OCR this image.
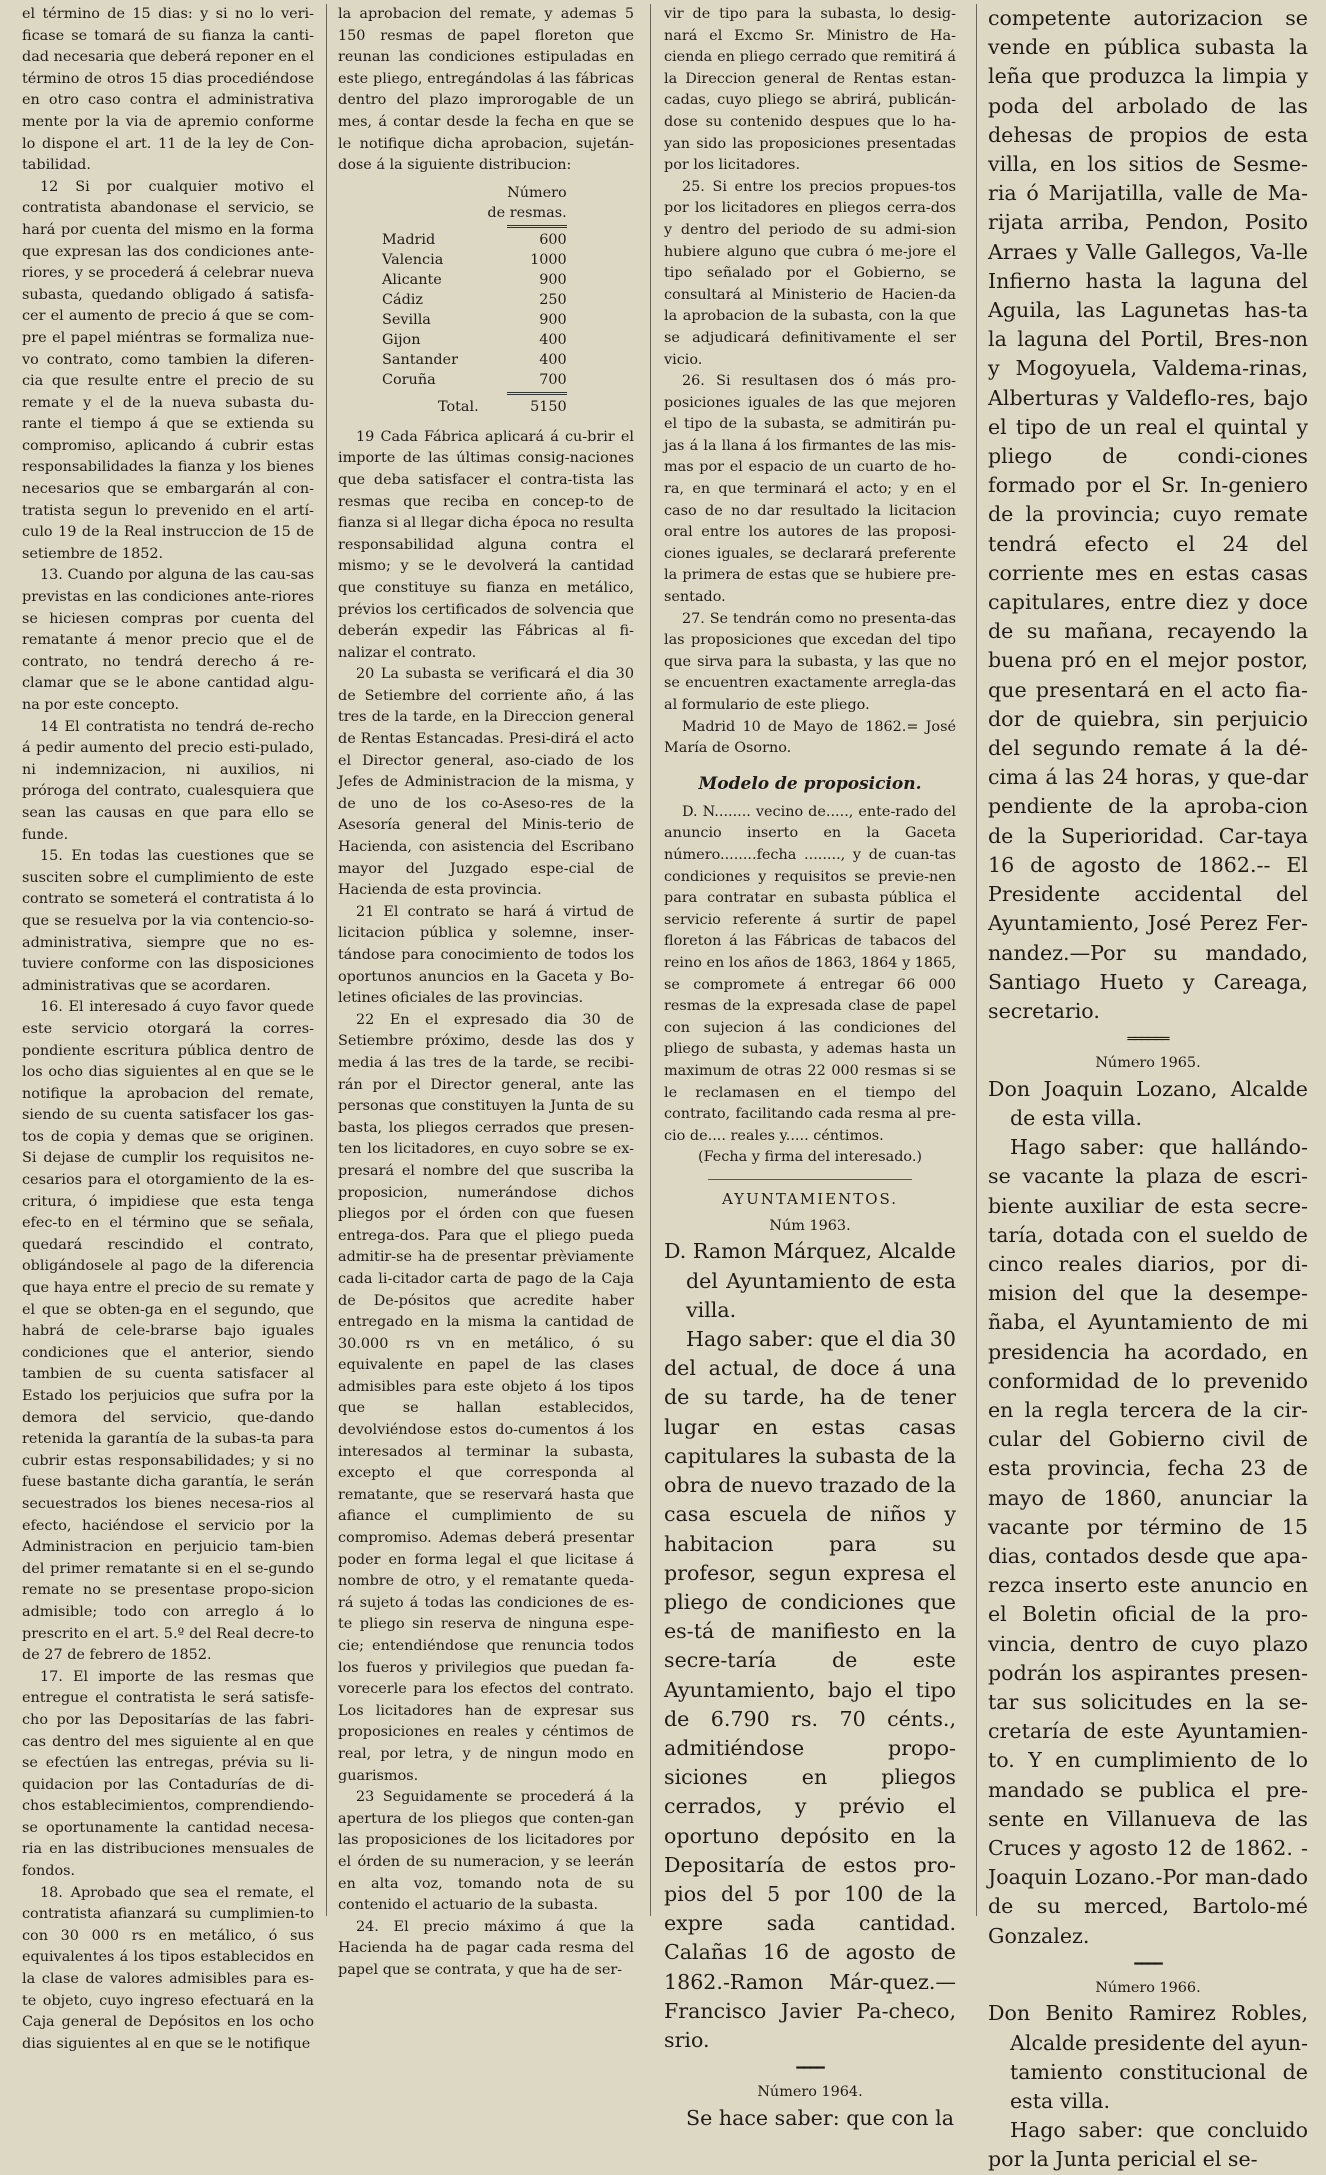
el término de 15 dias: y si no lo veri-ficase se tomará de su fianza la canti-dad necesaria que deberá reponer en el término de otros 15 dias procediéndose en otro caso contra el administrativa mente por la via de apremio conforme lo dispone el art. 11 de la ley de Con-tabilidad.

12 Si por cualquier motivo el contratista abandonase el servicio, se hará por cuenta del mismo en la forma que expresan las dos condiciones ante-riores, y se procederá á celebrar nueva subasta, quedando obligado á satisfa-cer el aumento de precio á que se com-pre el papel miéntras se formaliza nue-vo contrato, como tambien la diferen-cia que resulte entre el precio de su remate y el de la nueva subasta du-rante el tiempo á que se extienda su compromiso, aplicando á cubrir estas responsabilidades la fianza y los bienes necesarios que se embargarán al con-tratista segun lo prevenido en el artí-culo 19 de la Real instruccion de 15 de setiembre de 1852.

13. Cuando por alguna de las cau-sas previstas en las condiciones ante-riores se hiciesen compras por cuenta del rematante á menor precio que el de contrato, no tendrá derecho á re-clamar que se le abone cantidad algu-na por este concepto.

14 El contratista no tendrá de-recho á pedir aumento del precio esti-pulado, ni indemnizacion, ni auxilios, ni próroga del contrato, cualesquiera que sean las causas en que para ello se funde.

15. En todas las cuestiones que se susciten sobre el cumplimiento de este contrato se someterá el contratista á lo que se resuelva por la via contencio-so-administrativa, siempre que no es-tuviere conforme con las disposiciones administrativas que se acordaren.

16. El interesado á cuyo favor quede este servicio otorgará la corres-pondiente escritura pública dentro de los ocho dias siguientes al en que se le notifique la aprobacion del remate, siendo de su cuenta satisfacer los gas-tos de copia y demas que se originen. Si dejase de cumplir los requisitos ne-cesarios para el otorgamiento de la es-critura, ó impidiese que esta tenga efec-to en el término que se señala, quedará rescindido el contrato, obligándosele al pago de la diferencia que haya entre el precio de su remate y el que se obten-ga en el segundo, que habrá de cele-brarse bajo iguales condiciones que el anterior, siendo tambien de su cuenta satisfacer al Estado los perjuicios que sufra por la demora del servicio, que-dando retenida la garantía de la subas-ta para cubrir estas responsabilidades; y si no fuese bastante dicha garantía, le serán secuestrados los bienes necesa-rios al efecto, haciéndose el servicio por la Administracion en perjuicio tam-bien del primer rematante si en el se-gundo remate no se presentase propo-sicion admisible; todo con arreglo á lo prescrito en el art. 5.º del Real decre-to de 27 de febrero de 1852.

17. El importe de las resmas que entregue el contratista le será satisfe-cho por las Depositarías de las fabri-cas dentro del mes siguiente al en que se efectúen las entregas, prévia su li-quidacion por las Contadurías de di-chos establecimientos, comprendiendo-se oportunamente la cantidad necesa-ria en las distribuciones mensuales de fondos.

18. Aprobado que sea el remate, el contratista afianzará su cumplimien-to con 30 000 rs en metálico, ó sus equivalentes á los tipos establecidos en la clase de valores admisibles para es-te objeto, cuyo ingreso efectuará en la Caja general de Depósitos en los ocho dias siguientes al en que se le notifique

la aprobacion del remate, y ademas 5 150 resmas de papel floreton que reunan las condiciones estipuladas en este pliego, entregándolas á las fábricas dentro del plazo improrogable de un mes, á contar desde la fecha en que se le notifique dicha aprobacion, sujetán-dose á la siguiente distribucion:

Número	
de resmas.	

Madrid	600
Valencia	1000
Alicante	900
Cádiz	250
Sevilla	900
Gijon	400
Santander	400
Coruña	700

Total.	5150

19 Cada Fábrica aplicará á cu-brir el importe de las últimas consig-naciones que deba satisfacer el contra-tista las resmas que reciba en concep-to de fianza si al llegar dicha época no resulta responsabilidad alguna contra el mismo; y se le devolverá la cantidad que constituye su fianza en metálico, prévios los certificados de solvencia que deberán expedir las Fábricas al fi-nalizar el contrato.

20 La subasta se verificará el dia 30 de Setiembre del corriente año, á las tres de la tarde, en la Direccion general de Rentas Estancadas. Presi-dirá el acto el Director general, aso-ciado de los Jefes de Administracion de la misma, y de uno de los co-Aseso-res de la Asesoría general del Minis-terio de Hacienda, con asistencia del Escribano mayor del Juzgado espe-cial de Hacienda de esta provincia.

21 El contrato se hará á virtud de licitacion pública y solemne, inser-tándose para conocimiento de todos los oportunos anuncios en la Gaceta y Bo-letines oficiales de las provincias.

22 En el expresado dia 30 de Setiembre próximo, desde las dos y media á las tres de la tarde, se recibi-rán por el Director general, ante las personas que constituyen la Junta de su basta, los pliegos cerrados que presen-ten los licitadores, en cuyo sobre se ex-presará el nombre del que suscriba la proposicion, numerándose dichos pliegos por el órden con que fuesen entrega-dos. Para que el pliego pueda admitir-se ha de presentar prèviamente cada li-citador carta de pago de la Caja de De-pósitos que acredite haber entregado en la misma la cantidad de 30.000 rs vn en metálico, ó su equivalente en papel de las clases admisibles para este objeto á los tipos que se hallan establecidos, devolviéndose estos do-cumentos á los interesados al terminar la subasta, excepto el que corresponda al rematante, que se reservará hasta que afiance el cumplimiento de su compromiso. Ademas deberá presentar poder en forma legal el que licitase á nombre de otro, y el rematante queda-rá sujeto á todas las condiciones de es-te pliego sin reserva de ninguna espe-cie; entendiéndose que renuncia todos los fueros y privilegios que puedan fa-vorecerle para los efectos del contrato. Los licitadores han de expresar sus proposiciones en reales y céntimos de real, por letra, y de ningun modo en guarismos.

23 Seguidamente se procederá á la apertura de los pliegos que conten-gan las proposiciones de los licitadores por el órden de su numeracion, y se leerán en alta voz, tomando nota de su contenido el actuario de la subasta.

24. El precio máximo á que la Hacienda ha de pagar cada resma del papel que se contrata, y que ha de ser-

vir de tipo para la subasta, lo desig-nará el Excmo Sr. Ministro de Ha-cienda en pliego cerrado que remitirá á la Direccion general de Rentas estan-cadas, cuyo pliego se abrirá, publicán-dose su contenido despues que lo ha-yan sido las proposiciones presentadas por los licitadores.

25. Si entre los precios propues-tos por los licitadores en pliegos cerra-dos y dentro del periodo de su admi-sion hubiere alguno que cubra ó me-jore el tipo señalado por el Gobierno, se consultará al Ministerio de Hacien-da la aprobacion de la subasta, con la que se adjudicará definitivamente el ser vicio.

26. Si resultasen dos ó más pro-posiciones iguales de las que mejoren el tipo de la subasta, se admitirán pu-jas á la llana á los firmantes de las mis-mas por el espacio de un cuarto de ho-ra, en que terminará el acto; y en el caso de no dar resultado la licitacion oral entre los autores de las proposi-ciones iguales, se declarará preferente la primera de estas que se hubiere pre-sentado.

27. Se tendrán como no presenta-das las proposiciones que excedan del tipo que sirva para la subasta, y las que no se encuentren exactamente arregla-das al formulario de este pliego.

Madrid 10 de Mayo de 1862.= José María de Osorno.

Modelo de proposicion.

D. N........ vecino de....., ente-rado del anuncio inserto en la Gaceta número........fecha ........, y de cuan-tas condiciones y requisitos se previe-nen para contratar en subasta pública el servicio referente á surtir de papel floreton á las Fábricas de tabacos del reino en los años de 1863, 1864 y 1865, se compromete á entregar 66 000 resmas de la expresada clase de papel con sujecion á las condiciones del pliego de subasta, y ademas hasta un maximum de otras 22 000 resmas si se le reclamasen en el tiempo del contrato, facilitando cada resma al pre-cio de.... reales y..... céntimos.

(Fecha y firma del interesado.)

AYUNTAMIENTOS.

Núm 1963.

D. Ramon Márquez, Alcalde del Ayuntamiento de esta villa.

Hago saber: que el dia 30 del actual, de doce á una de su tarde, ha de tener lugar en estas casas capitulares la subasta de la obra de nuevo trazado de la casa escuela de niños y habitacion para su profesor, segun expresa el pliego de condiciones que es-tá de manifiesto en la secre-taría de este Ayuntamiento, bajo el tipo de 6.790 rs. 70 cénts., admitiéndose propo-siciones en pliegos cerrados, y prévio el oportuno depósito en la Depositaría de estos pro-pios del 5 por 100 de la expre sada cantidad. Calañas 16 de agosto de 1862.-Ramon Már-quez.—Francisco Javier Pa-checo, srio.

━━━━

Número 1964.

Se hace saber: que con la

competente autorizacion se vende en pública subasta la leña que produzca la limpia y poda del arbolado de las dehesas de propios de esta villa, en los sitios de Sesme-ria ó Marijatilla, valle de Ma-rijata arriba, Pendon, Posito Arraes y Valle Gallegos, Va-lle Infierno hasta la laguna del Aguila, las Lagunetas has-ta la laguna del Portil, Bres-non y Mogoyuela, Valdema-rinas, Alberturas y Valdeflo-res, bajo el tipo de un real el quintal y pliego de condi-ciones formado por el Sr. In-geniero de la provincia; cuyo remate tendrá efecto el 24 del corriente mes en estas casas capitulares, entre diez y doce de su mañana, recayendo la buena pró en el mejor postor, que presentará en el acto fia-dor de quiebra, sin perjuicio del segundo remate á la dé-cima á las 24 horas, y que-dar pendiente de la aproba-cion de la Superioridad. Car-taya 16 de agosto de 1862.-- El Presidente accidental del Ayuntamiento, José Perez Fer-nandez.—Por su mandado, Santiago Hueto y Careaga, secretario.

══════

Número 1965.

Don Joaquin Lozano, Alcalde de esta villa.

Hago saber: que hallándo-se vacante la plaza de escri-biente auxiliar de esta secre-taría, dotada con el sueldo de cinco reales diarios, por di-mision del que la desempe-ñaba, el Ayuntamiento de mi presidencia ha acordado, en conformidad de lo prevenido en la regla tercera de la cir-cular del Gobierno civil de esta provincia, fecha 23 de mayo de 1860, anunciar la vacante por término de 15 dias, contados desde que apa-rezca inserto este anuncio en el Boletin oficial de la pro-vincia, dentro de cuyo plazo podrán los aspirantes presen-tar sus solicitudes en la se-cretaría de este Ayuntamien-to. Y en cumplimiento de lo mandado se publica el pre-sente en Villanueva de las Cruces y agosto 12 de 1862. -Joaquin Lozano.-Por man-dado de su merced, Bartolo-mé Gonzalez.

━━━━

Número 1966.

Don Benito Ramirez Robles, Alcalde presidente del ayun-tamiento constitucional de esta villa.

Hago saber: que concluido por la Junta pericial el se-
